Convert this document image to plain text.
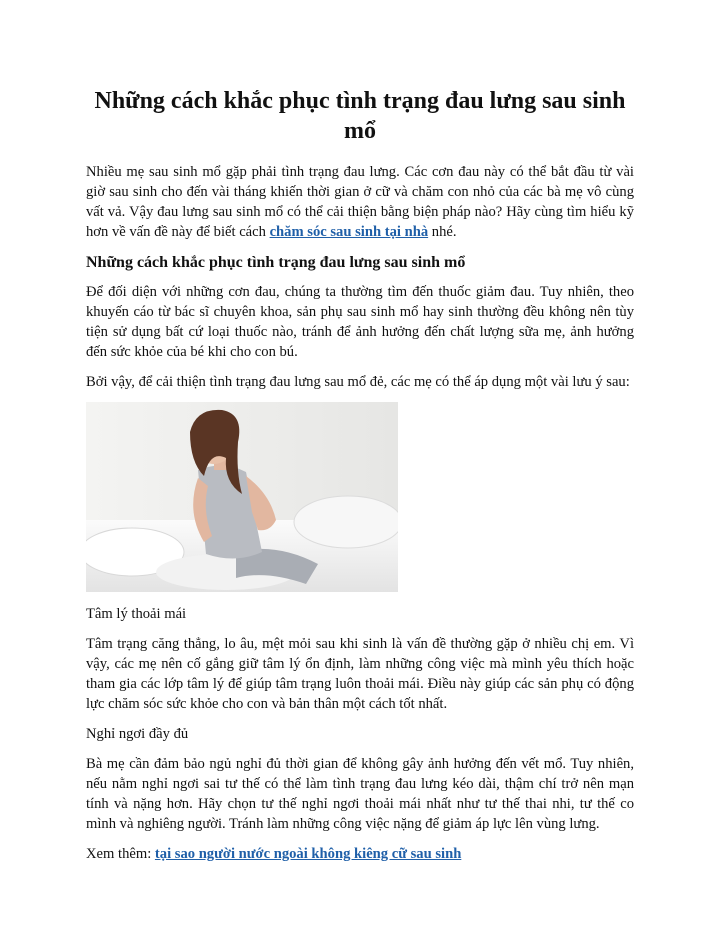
Những cách khắc phục tình trạng đau lưng sau sinh mổ

Nhiều mẹ sau sinh mổ gặp phải tình trạng đau lưng. Các cơn đau này có thể bắt đầu từ vài giờ sau sinh cho đến vài tháng khiến thời gian ở cữ và chăm con nhỏ của các bà mẹ vô cùng vất vả. Vậy đau lưng sau sinh mổ có thể cải thiện bằng biện pháp nào? Hãy cùng tìm hiểu kỹ hơn về vấn đề này để biết cách chăm sóc sau sinh tại nhà nhé.

Những cách khắc phục tình trạng đau lưng sau sinh mổ

Để đối diện với những cơn đau, chúng ta thường tìm đến thuốc giảm đau. Tuy nhiên, theo khuyến cáo từ bác sĩ chuyên khoa, sản phụ sau sinh mổ hay sinh thường đều không nên tùy tiện sử dụng bất cứ loại thuốc nào, tránh để ảnh hưởng đến chất lượng sữa mẹ, ảnh hưởng đến sức khỏe của bé khi cho con bú.

Bởi vậy, để cải thiện tình trạng đau lưng sau mổ đẻ, các mẹ có thể áp dụng một vài lưu ý sau:

Tâm lý thoải mái

Tâm trạng căng thẳng, lo âu, mệt mỏi sau khi sinh là vấn đề thường gặp ở nhiều chị em. Vì vậy, các mẹ nên cố gắng giữ tâm lý ổn định, làm những công việc mà mình yêu thích hoặc tham gia các lớp tâm lý để giúp tâm trạng luôn thoải mái. Điều này giúp các sản phụ có động lực chăm sóc sức khỏe cho con và bản thân một cách tốt nhất.

Nghỉ ngơi đầy đủ

Bà mẹ cần đảm bảo ngủ nghỉ đủ thời gian để không gây ảnh hưởng đến vết mổ. Tuy nhiên, nếu nằm nghỉ ngơi sai tư thế có thể làm tình trạng đau lưng kéo dài, thậm chí trở nên mạn tính và nặng hơn. Hãy chọn tư thế nghỉ ngơi thoải mái nhất như tư thế thai nhi, tư thế co mình và nghiêng người. Tránh làm những công việc nặng để giảm áp lực lên vùng lưng.

Xem thêm: tại sao người nước ngoài không kiêng cữ sau sinh
